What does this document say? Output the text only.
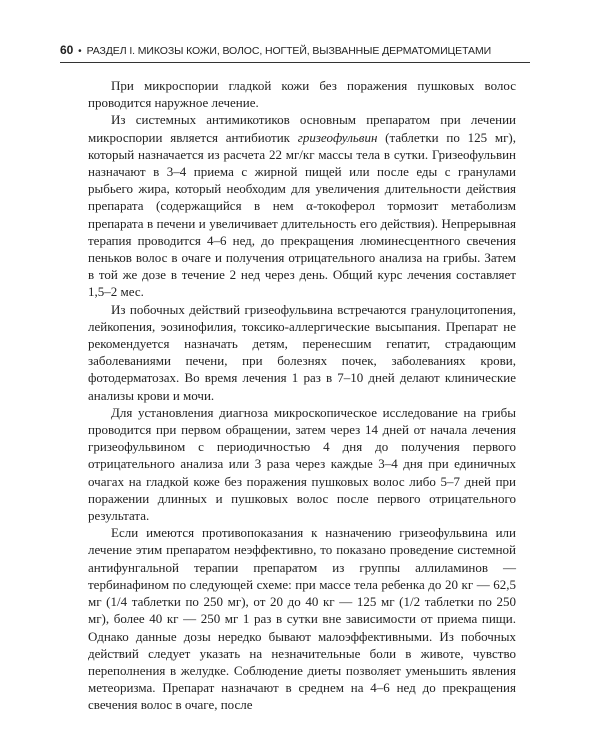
60 • РАЗДЕЛ I. МИКОЗЫ КОЖИ, ВОЛОС, НОГТЕЙ, ВЫЗВАННЫЕ ДЕРМАТОМИЦЕТАМИ

При микроспории гладкой кожи без поражения пушковых волос проводится наружное лечение.

Из системных антимикотиков основным препаратом при лечении микроспории является антибиотик гризеофульвин (таблетки по 125 мг), который назначается из расчета 22 мг/кг массы тела в сутки. Гризеофульвин назначают в 3–4 приема с жирной пищей или после еды с гранулами рыбьего жира, который необходим для увеличения длительности действия препарата (содержащийся в нем α-токоферол тормозит метаболизм препарата в печени и увеличивает длительность его действия). Непрерывная терапия проводится 4–6 нед, до прекращения люминесцентного свечения пеньков волос в очаге и получения отрицательного анализа на грибы. Затем в той же дозе в течение 2 нед через день. Общий курс лечения составляет 1,5–2 мес.

Из побочных действий гризеофульвина встречаются гранулоцитопения, лейкопения, эозинофилия, токсико-аллергические высыпания. Препарат не рекомендуется назначать детям, перенесшим гепатит, страдающим заболеваниями печени, при болезнях почек, заболеваниях крови, фотодерматозах. Во время лечения 1 раз в 7–10 дней делают клинические анализы крови и мочи.

Для установления диагноза микроскопическое исследование на грибы проводится при первом обращении, затем через 14 дней от начала лечения гризеофульвином с периодичностью 4 дня до получения первого отрицательного анализа или 3 раза через каждые 3–4 дня при единичных очагах на гладкой коже без поражения пушковых волос либо 5–7 дней при поражении длинных и пушковых волос после первого отрицательного результата.

Если имеются противопоказания к назначению гризеофульвина или лечение этим препаратом неэффективно, то показано проведение системной антифунгальной терапии препаратом из группы аллиламинов — тербинафином по следующей схеме: при массе тела ребенка до 20 кг — 62,5 мг (1/4 таблетки по 250 мг), от 20 до 40 кг — 125 мг (1/2 таблетки по 250 мг), более 40 кг — 250 мг 1 раз в сутки вне зависимости от приема пищи. Однако данные дозы нередко бывают малоэффективными. Из побочных действий следует указать на незначительные боли в животе, чувство переполнения в желудке. Соблюдение диеты позволяет уменьшить явления метеоризма. Препарат назначают в среднем на 4–6 нед до прекращения свечения волос в очаге, после
